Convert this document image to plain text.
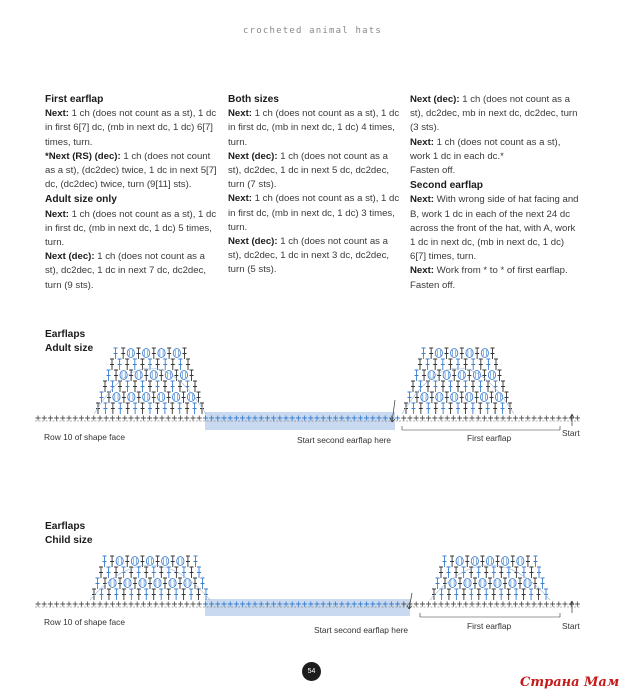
crocheted animal hats
First earflap
Next: 1 ch (does not count as a st), 1 dc in first 6[7] dc, (mb in next dc, 1 dc) 6[7] times, turn.
*Next (RS) (dec): 1 ch (does not count as a st), (dc2dec) twice, 1 dc in next 5[7] dc, (dc2dec) twice, turn (9[11] sts).
Adult size only
Next: 1 ch (does not count as a st), 1 dc in first dc, (mb in next dc, 1 dc) 5 times, turn.
Next (dec): 1 ch (does not count as a st), dc2dec, 1 dc in next 7 dc, dc2dec, turn (9 sts).
Both sizes
Next: 1 ch (does not count as a st), 1 dc in first dc, (mb in next dc, 1 dc) 4 times, turn.
Next (dec): 1 ch (does not count as a st), dc2dec, 1 dc in next 5 dc, dc2dec, turn (7 sts).
Next: 1 ch (does not count as a st), 1 dc in first dc, (mb in next dc, 1 dc) 3 times, turn.
Next (dec): 1 ch (does not count as a st), dc2dec, 1 dc in next 3 dc, dc2dec, turn (5 sts).
Next (dec): 1 ch (does not count as a st), dc2dec, mb in next dc, dc2dec, turn (3 sts).
Next: 1 ch (does not count as a st), work 1 dc in each dc.*
Fasten off.
Second earflap
Next: With wrong side of hat facing and B, work 1 dc in each of the next 24 dc across the front of the hat, with A, work 1 dc in next dc, (mb in next dc, 1 dc) 6[7] times, turn.
Next: Work from * to * of first earflap.
Fasten off.
Earflaps
Adult size
Row 10 of shape face	Start second earflap here	First earflap	Start
Earflaps
Child size
Row 10 of shape face
Start second earflap here	First earflap	Start
54
Страна Мам
